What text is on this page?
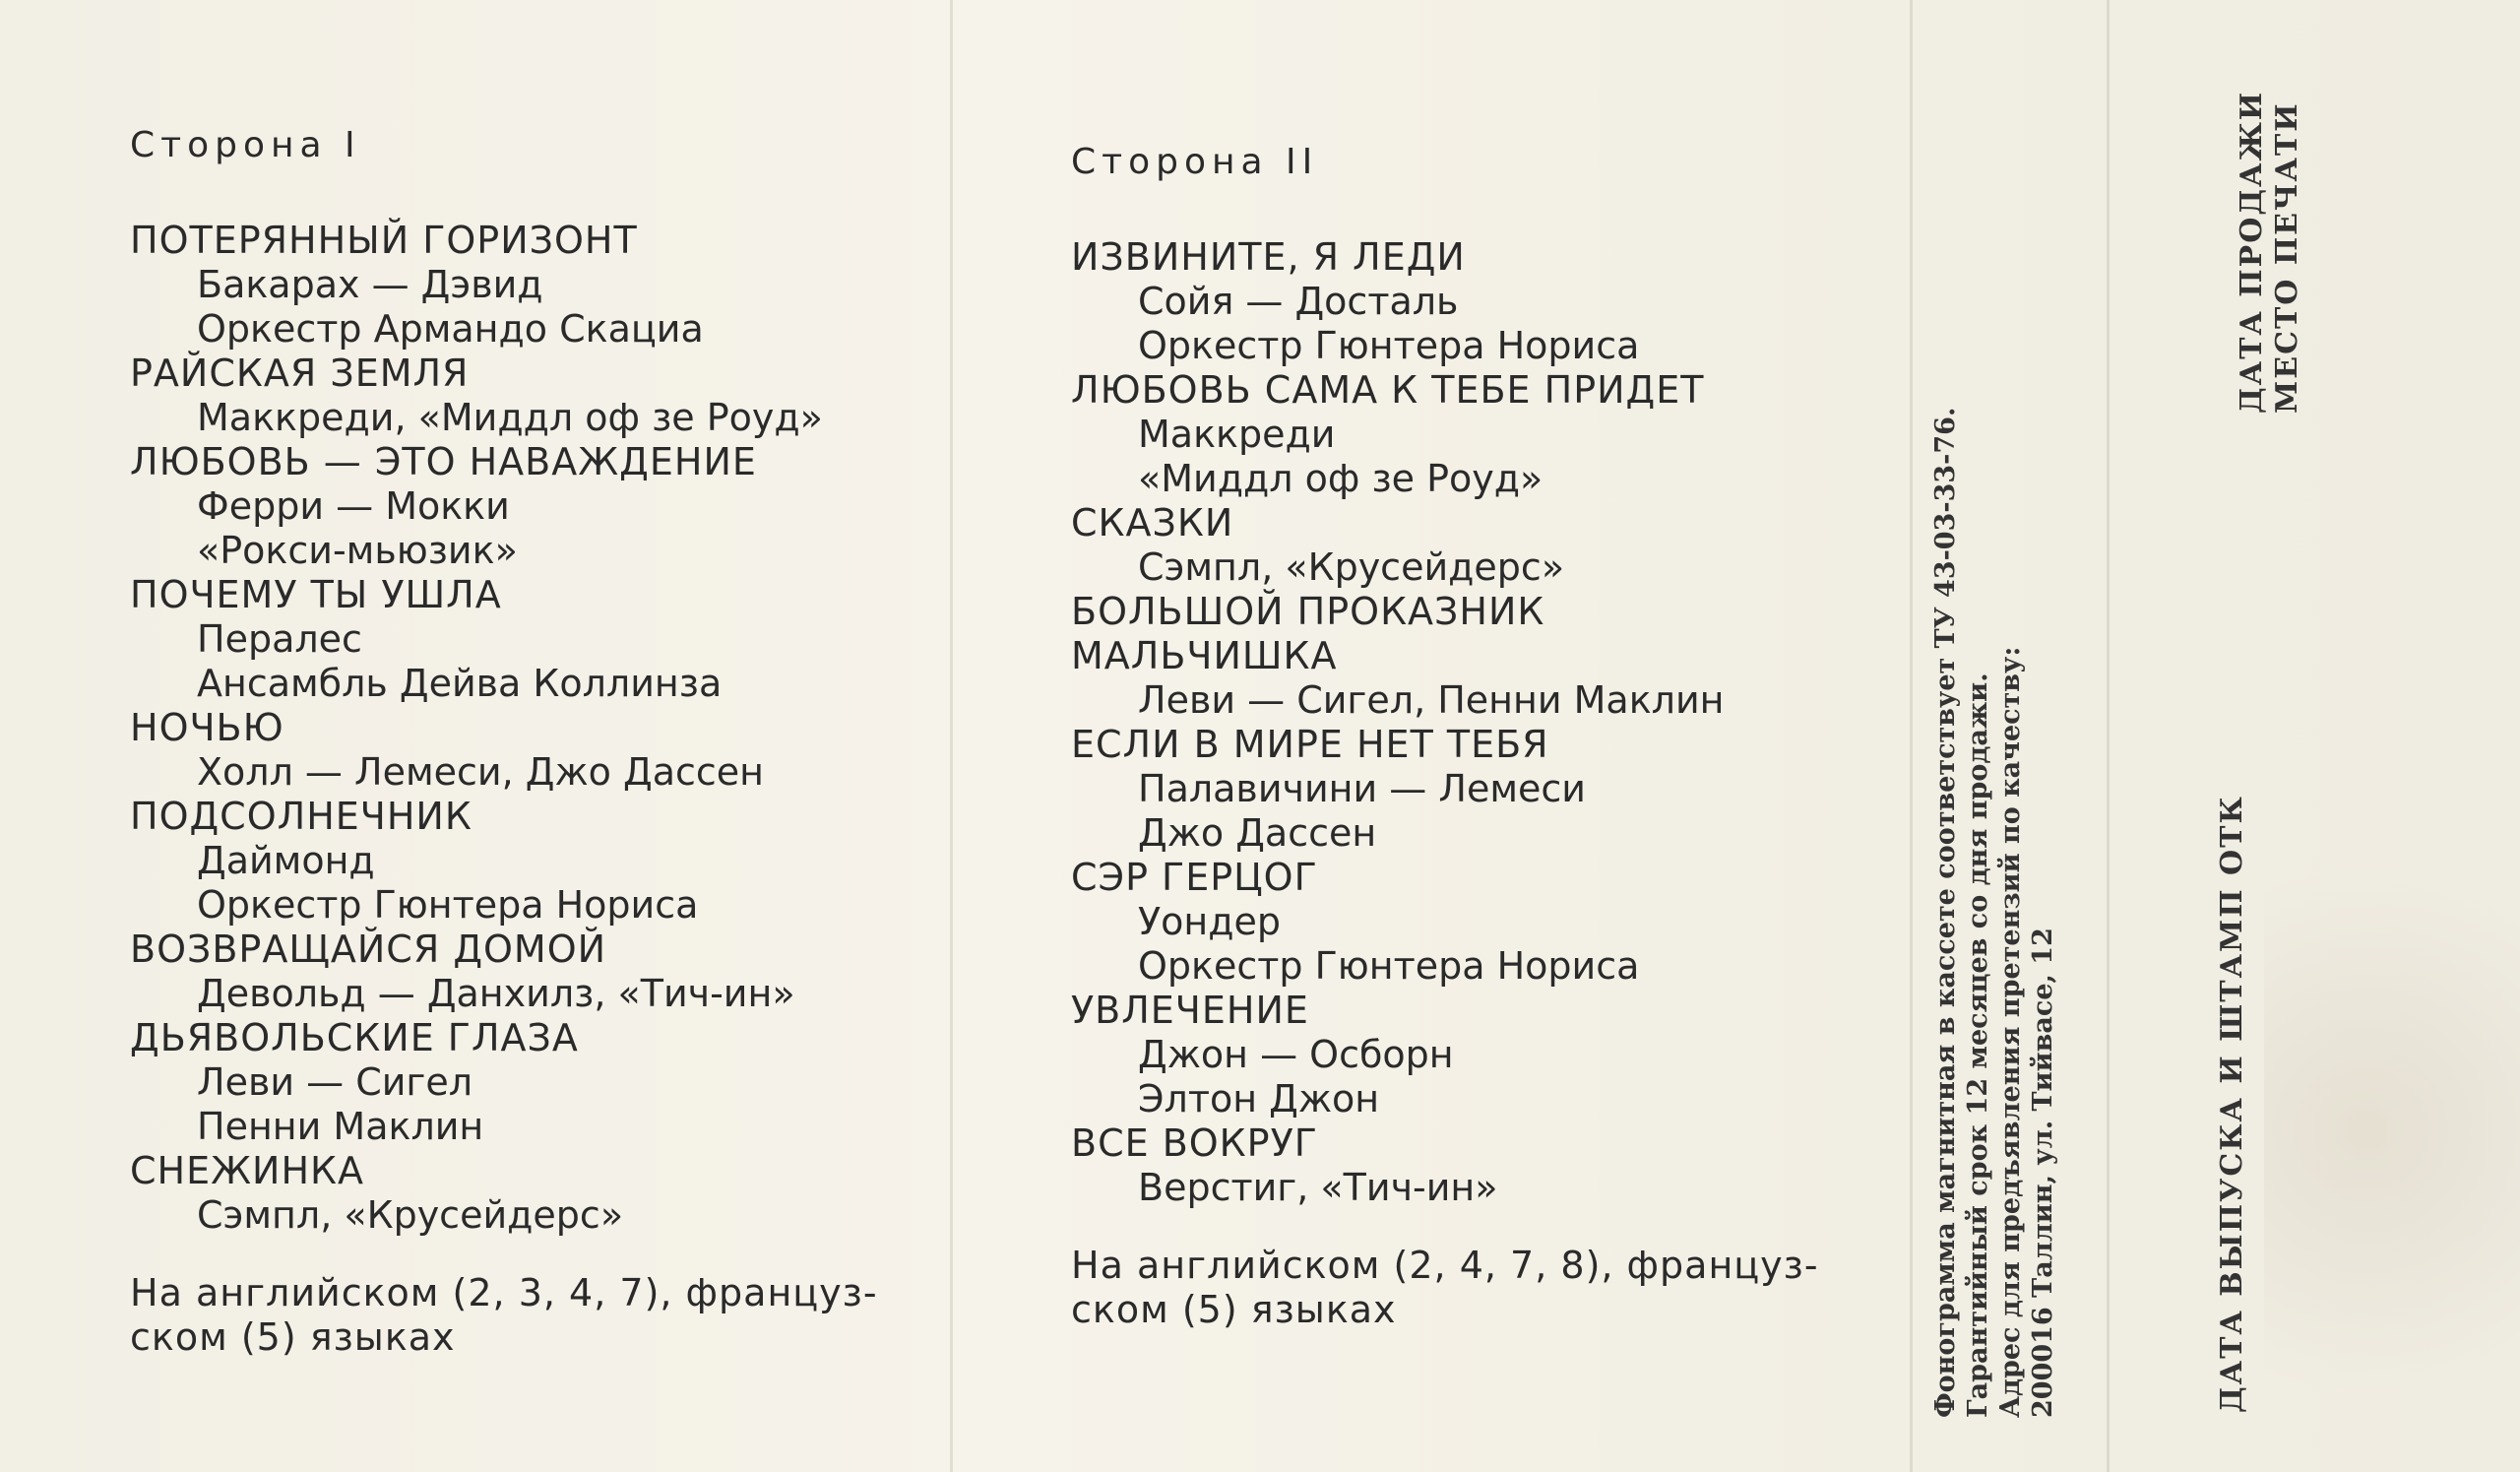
Сторона I
ПОТЕРЯННЫЙ ГОРИЗОНТ
Бакарах — Дэвид
Оркестр Армандо Скациа
РАЙСКАЯ ЗЕМЛЯ
Маккреди, «Миддл оф зе Роуд»
ЛЮБОВЬ — ЭТО НАВАЖДЕНИЕ
Ферри — Мокки
«Рокси-мьюзик»
ПОЧЕМУ ТЫ УШЛА
Пералес
Ансамбль Дейва Коллинза
НОЧЬЮ
Холл — Лемеси, Джо Дассен
ПОДСОЛНЕЧНИК
Даймонд
Оркестр Гюнтера Нориса
ВОЗВРАЩАЙСЯ ДОМОЙ
Девольд — Данхилз, «Тич-ин»
ДЬЯВОЛЬСКИЕ ГЛАЗА
Леви — Сигел
Пенни Маклин
СНЕЖИНКА
Сэмпл, «Крусейдерс»
На английском (2, 3, 4, 7), француз-ском (5) языках
Сторона II
ИЗВИНИТЕ, Я ЛЕДИ
Сойя — Досталь
Оркестр Гюнтера Нориса
ЛЮБОВЬ САМА К ТЕБЕ ПРИДЕТ
Маккреди
«Миддл оф зе Роуд»
СКАЗКИ
Сэмпл, «Крусейдерс»
БОЛЬШОЙ ПРОКАЗНИК МАЛЬЧИШКА
Леви — Сигел, Пенни Маклин
ЕСЛИ В МИРЕ НЕТ ТЕБЯ
Палавичини — Лемеси
Джо Дассен
СЭР ГЕРЦОГ
Уондер
Оркестр Гюнтера Нориса
УВЛЕЧЕНИЕ
Джон — Осборн
Элтон Джон
ВСЕ ВОКРУГ
Верстиг, «Тич-ин»
На английском (2, 4, 7, 8), француз-ском (5) языках	Фонограмма магнитная в кассете соответствует ТУ 43-03-33-76. Гарантийный срок 12 месяцев со дня продажи. Адрес для предъявления претензий по качеству: 200016 Таллин, ул. Тийвасе, 12
ДАТА ПРОДАЖИ МЕСТО ПЕЧАТИ
ДАТА ВЫПУСКА И ШТАМП ОТК
